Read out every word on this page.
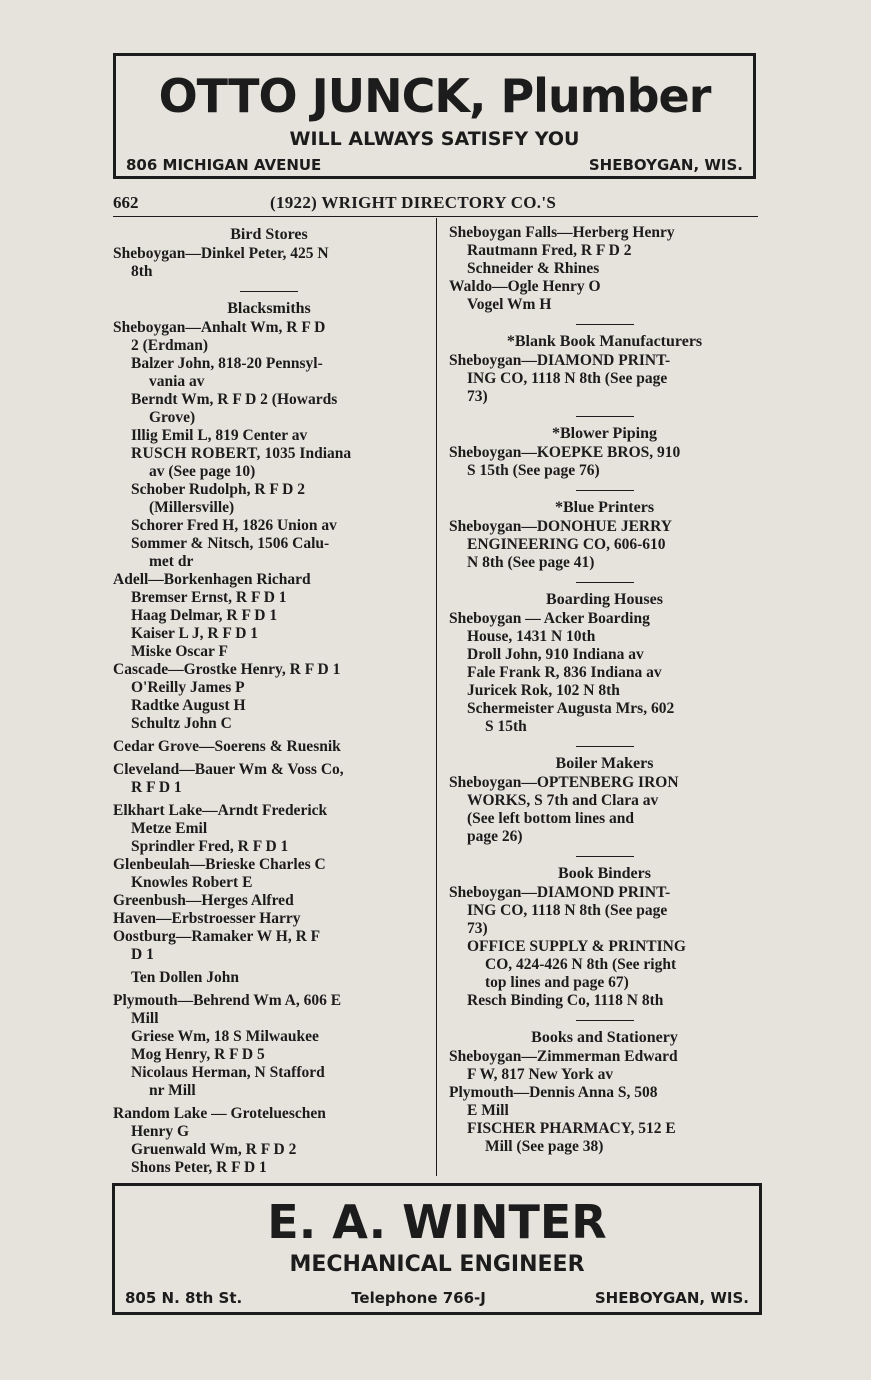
OTTO JUNCK, Plumber
WILL ALWAYS SATISFY YOU
806 MICHIGAN AVENUE	SHEBOYGAN, WIS.
662	(1922) WRIGHT DIRECTORY CO.'S
Bird Stores
Sheboygan—Dinkel Peter, 425 N
8th
Blacksmiths
Sheboygan—Anhalt Wm, R F D
2 (Erdman)
Balzer John, 818-20 Pennsyl-
vania av
Berndt Wm, R F D 2 (Howards
Grove)
Illig Emil L, 819 Center av
RUSCH ROBERT, 1035 Indiana
av (See page 10)
Schober Rudolph, R F D 2
(Millersville)
Schorer Fred H, 1826 Union av
Sommer & Nitsch, 1506 Calu-
met dr
Adell—Borkenhagen Richard
Bremser Ernst, R F D 1
Haag Delmar, R F D 1
Kaiser L J, R F D 1
Miske Oscar F
Cascade—Grostke Henry, R F D 1
O'Reilly James P
Radtke August H
Schultz John C
Cedar Grove—Soerens & Ruesnik
Cleveland—Bauer Wm & Voss Co,
R F D 1
Elkhart Lake—Arndt Frederick
Metze Emil
Sprindler Fred, R F D 1
Glenbeulah—Brieske Charles C
Knowles Robert E
Greenbush—Herges Alfred
Haven—Erbstroesser Harry
Oostburg—Ramaker W H, R F
D 1
Ten Dollen John
Plymouth—Behrend Wm A, 606 E
Mill
Griese Wm, 18 S Milwaukee
Mog Henry, R F D 5
Nicolaus Herman, N Stafford
nr Mill
Random Lake — Groteluesche​n
Henry G
Gruenwald Wm, R F D 2
Shons Peter, R F D 1
Sheboygan Falls—Herberg Henry
Rautmann Fred, R F D 2
Schneider & Rhines
Waldo—Ogle Henry O
Vogel Wm H
*Blank Book Manufacturers
Sheboygan—DIAMOND PRINT-
ING CO, 1118 N 8th (See page
73)
*Blower Piping
Sheboygan—KOEPKE BROS, 910
S 15th (See page 76)
*Blue Printers
Sheboygan—DONOHUE JERRY
ENGINEERING CO, 606-610
N 8th (See page 41)
Boarding Houses
Sheboygan — Acker Boarding
House, 1431 N 10th
Droll John, 910 Indiana av
Fale Frank R, 836 Indiana av
Juricek Rok, 102 N 8th
Schermeister Augusta Mrs, 602
S 15th
Boiler Makers
Sheboygan—OPTENBERG IRON
WORKS, S 7th and Clara av
(See left bottom lines and
page 26)
Book Binders
Sheboygan—DIAMOND PRINT-
ING CO, 1118 N 8th (See page
73)
OFFICE SUPPLY & PRINTING
CO, 424-426 N 8th (See right
top lines and page 67)
Resch Binding Co, 1118 N 8th
Books and Stationery
Sheboygan—Zimmerman Edward
F W, 817 New York av
Plymouth—Dennis Anna S, 508
E Mill
FISCHER PHARMACY, 512 E
Mill (See page 38)
E. A. WINTER
MECHANICAL ENGINEER
805 N. 8th St.	Telephone 766-J	SHEBOYGAN, WIS.
